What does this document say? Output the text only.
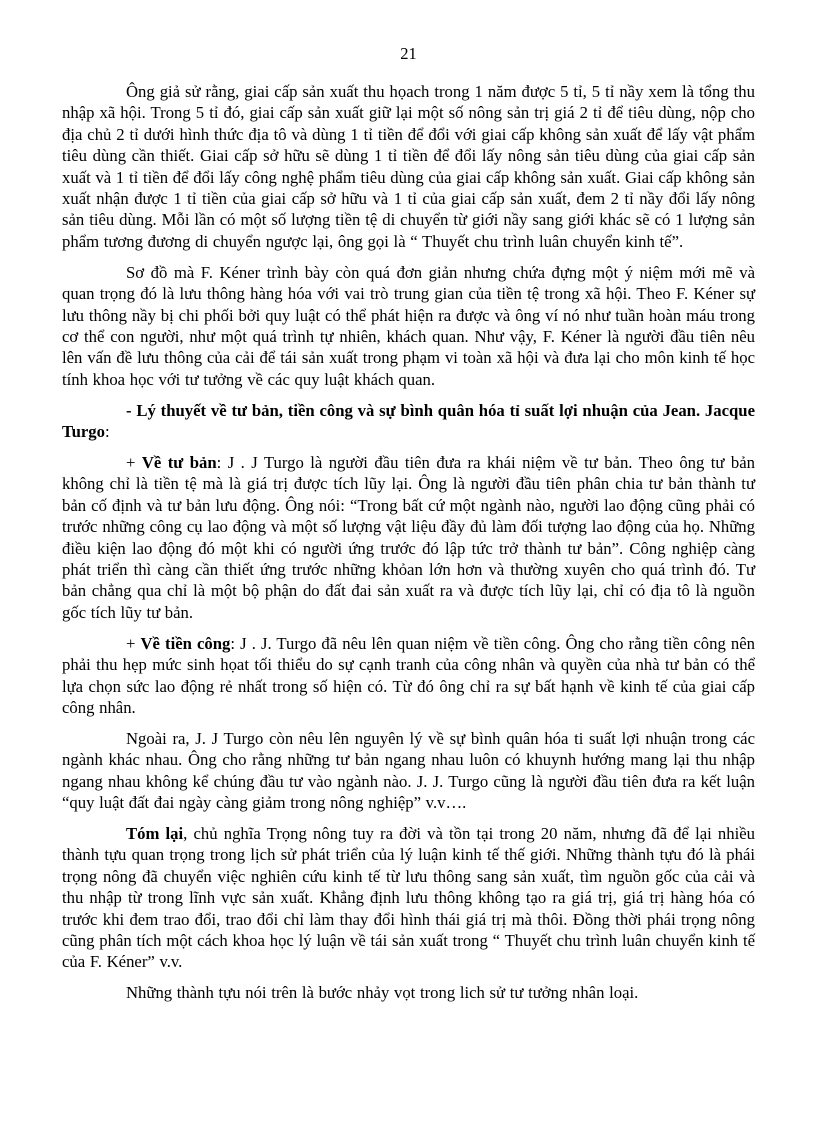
21

Ông giả sử rằng, giai cấp sản xuất thu họach trong 1 năm được 5 tỉ, 5 tỉ nầy xem là tổng thu nhập xã hội. Trong 5 tỉ đó, giai cấp sản xuất giữ lại một số nông sản trị giá 2 tỉ để tiêu dùng, nộp cho địa chủ 2 tỉ dưới hình thức địa tô và dùng 1 tỉ tiền để đổi với giai cấp không sản xuất để lấy vật phẩm tiêu dùng cần thiết. Giai cấp sở hữu sẽ dùng 1 tỉ tiền để đổi lấy nông sản tiêu dùng của giai cấp sản xuất và 1 tỉ tiền để đổi lấy công nghệ phẩm tiêu dùng của giai cấp không sản xuất. Giai cấp không sản xuất nhận được 1 tỉ tiền của giai cấp sở hữu và 1 tỉ của giai cấp sản xuất, đem 2 tỉ nầy đổi lấy nông sản tiêu dùng. Mỗi lần có một số lượng tiền tệ di chuyển từ giới nầy sang giới khác sẽ có 1 lượng sản phẩm tương đương di chuyển ngược lại, ông gọi là “ Thuyết chu trình luân chuyển kinh tế”.

Sơ đồ mà F. Kéner trình bày còn quá đơn giản nhưng chứa đựng một ý niệm mới mẽ và quan trọng đó là lưu thông hàng hóa với vai trò trung gian của tiền tệ trong xã hội. Theo F. Kéner sự lưu thông nầy bị chi phối bởi quy luật có thể phát hiện ra được và ông ví nó như tuần hoàn máu trong cơ thể con người, như một quá trình tự nhiên, khách quan. Như vậy, F. Kéner là người đầu tiên nêu lên vấn đề lưu thông của cải để tái sản xuất trong phạm vi toàn xã hội và đưa lại cho môn kinh tế học tính khoa học với tư tưởng về các quy luật khách quan.

- Lý thuyết về tư bản, tiền công và sự bình quân hóa tỉ suất lợi nhuận của Jean. Jacque Turgo:

+ Về tư bản: J . J Turgo là người đầu tiên đưa ra khái niệm về tư bản. Theo ông tư bản không chỉ là tiền tệ mà là giá trị được tích lũy lại. Ông là người đầu tiên phân chia tư bản thành tư bản cố định và tư bản lưu động. Ông nói: “Trong bất cứ một ngành nào, người lao động cũng phải có trước những công cụ lao động và một số lượng vật liệu đầy đủ làm đối tượng lao động của họ. Những điều kiện lao động đó một khi có người ứng trước đó lập tức trở thành tư bản”. Công nghiệp càng phát triển thì càng cần thiết ứng trước những khỏan lớn hơn và thường xuyên cho quá trình đó. Tư bản chẳng qua chỉ là một bộ phận do đất đai sản xuất ra và được tích lũy lại, chỉ có địa tô là nguồn gốc tích lũy tư bản.

+ Về tiền công: J . J. Turgo đã nêu lên quan niệm về tiền công. Ông cho rằng tiền công nên phải thu hẹp mức sinh họat tối thiểu do sự cạnh tranh của công nhân và quyền của nhà tư bản có thể lựa chọn sức lao động rẻ nhất trong số hiện có. Từ đó ông chỉ ra sự bất hạnh về kinh tế của giai cấp công nhân.

Ngoài ra, J. J Turgo còn nêu lên nguyên lý về sự bình quân hóa ti suất lợi nhuận trong các ngành khác nhau. Ông cho rằng những tư bản ngang nhau luôn có khuynh hướng mang lại thu nhập ngang nhau không kể chúng đầu tư vào ngành nào. J. J. Turgo cũng là người đầu tiên đưa ra kết luận “quy luật đất đai ngày càng giảm trong nông nghiệp” v.v….

Tóm lại, chủ nghĩa Trọng nông tuy ra đời và tồn tại trong 20 năm, nhưng đã để lại nhiều thành tựu quan trọng trong lịch sử phát triển của lý luận kinh tế thế giới. Những thành tựu đó là phái trọng nông đã chuyển việc nghiên cứu kinh tế từ lưu thông sang sản xuất, tìm nguồn gốc của cải và thu nhập từ trong lĩnh vực sản xuất. Khẳng định lưu thông không tạo ra giá trị, giá trị hàng hóa có trước khi đem trao đổi, trao đổi chỉ làm thay đổi hình thái giá trị mà thôi. Đồng thời phái trọng nông cũng phân tích một cách khoa học lý luận về tái sản xuất trong “ Thuyết chu trình luân chuyển kinh tế của F. Kéner” v.v.

Những thành tựu nói trên là bước nhảy vọt trong lich sử tư tưởng nhân loại.
